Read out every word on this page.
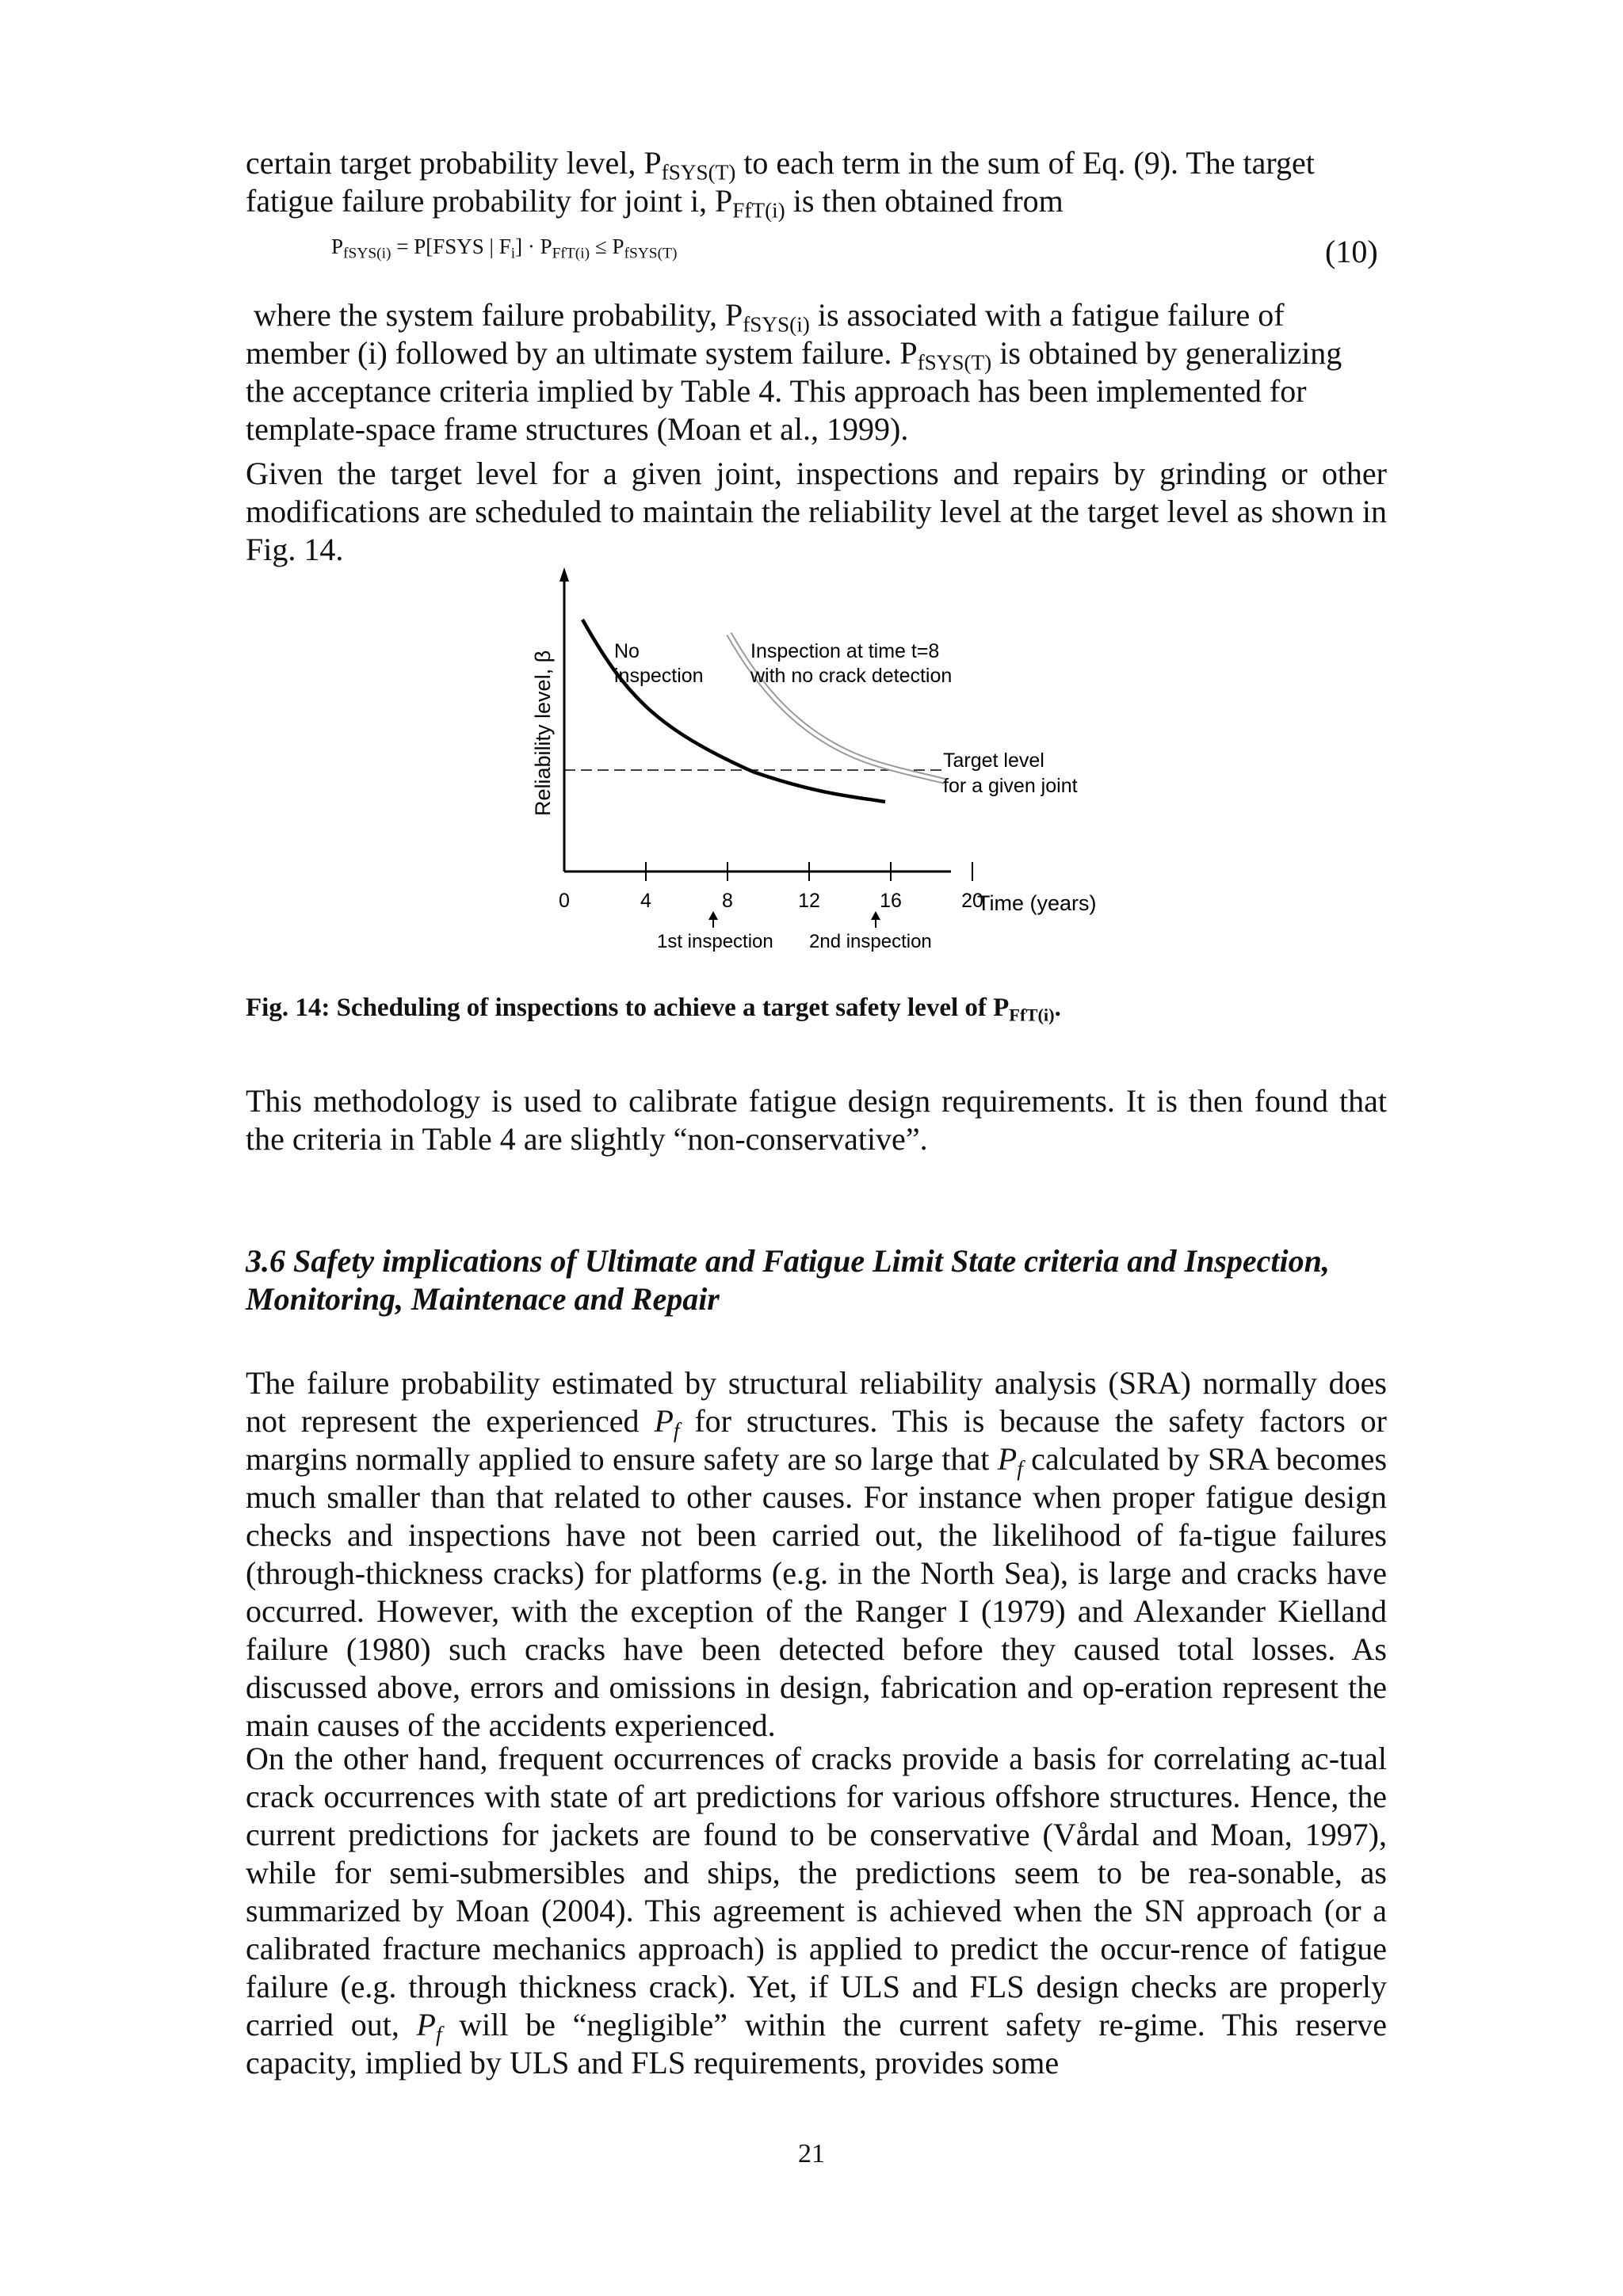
certain target probability level, $P_{fSYS(T)}$ to each term in the sum of Eq. (9). The target
fatigue failure probability for joint i, $P_{FfT(i)}$ is then obtained from

$P_{fSYS(i)}$ = P[FSYS | $F_i] \cdot P_{FfT(i)} \le P_{fSYS(T)}$	(10)

where the system failure probability, $P_{fSYS(i)}$ is associated with a fatigue failure of member (i) followed by an ultimate system failure. $P_{fSYS(T)}$ is obtained by generalizing the acceptance criteria implied by Table 4. This approach has been implemented for template-space frame structures (Moan et al., 1999).

Given the target level for a given joint, inspections and repairs by grinding or other modifications are scheduled to maintain the reliability level at the target level as shown in Fig. 14.

Reliability level, β
Time (years)
0	4	8	12	16	20
No
inspection
Inspection at time t=8
with no crack detection
Target level
for a given joint
1st inspection 2nd inspection
Fig. 14: Scheduling of inspections to achieve a target safety level of $P_{FfT(i)}$.

This methodology is used to calibrate fatigue design requirements. It is then found that the criteria in Table 4 are slightly “non-conservative”.

3.6 Safety implications of Ultimate and Fatigue Limit State criteria and Inspection, Monitoring, Maintenace and Repair

The failure probability estimated by structural reliability analysis (SRA) normally does not represent the experienced $P_f$ for structures. This is because the safety factors or margins normally applied to ensure safety are so large that $P_f$ calculated by SRA becomes much smaller than that related to other causes. For instance when proper fatigue design checks and inspections have not been carried out, the likelihood of fa-tigue failures (through-thickness cracks) for platforms (e.g. in the North Sea), is large and cracks have occurred. However, with the exception of the Ranger I (1979) and Alexander Kielland failure (1980) such cracks have been detected before they caused total losses. As discussed above, errors and omissions in design, fabrication and op-eration represent the main causes of the accidents experienced.

On the other hand, frequent occurrences of cracks provide a basis for correlating ac-tual crack occurrences with state of art predictions for various offshore structures. Hence, the current predictions for jackets are found to be conservative (Vårdal and Moan, 1997), while for semi-submersibles and ships, the predictions seem to be rea-sonable, as summarized by Moan (2004). This agreement is achieved when the SN approach (or a calibrated fracture mechanics approach) is applied to predict the occur-rence of fatigue failure (e.g. through thickness crack). Yet, if ULS and FLS design checks are properly carried out, $P_f$ will be “negligible” within the current safety re-gime. This reserve capacity, implied by ULS and FLS requirements, provides some

21
